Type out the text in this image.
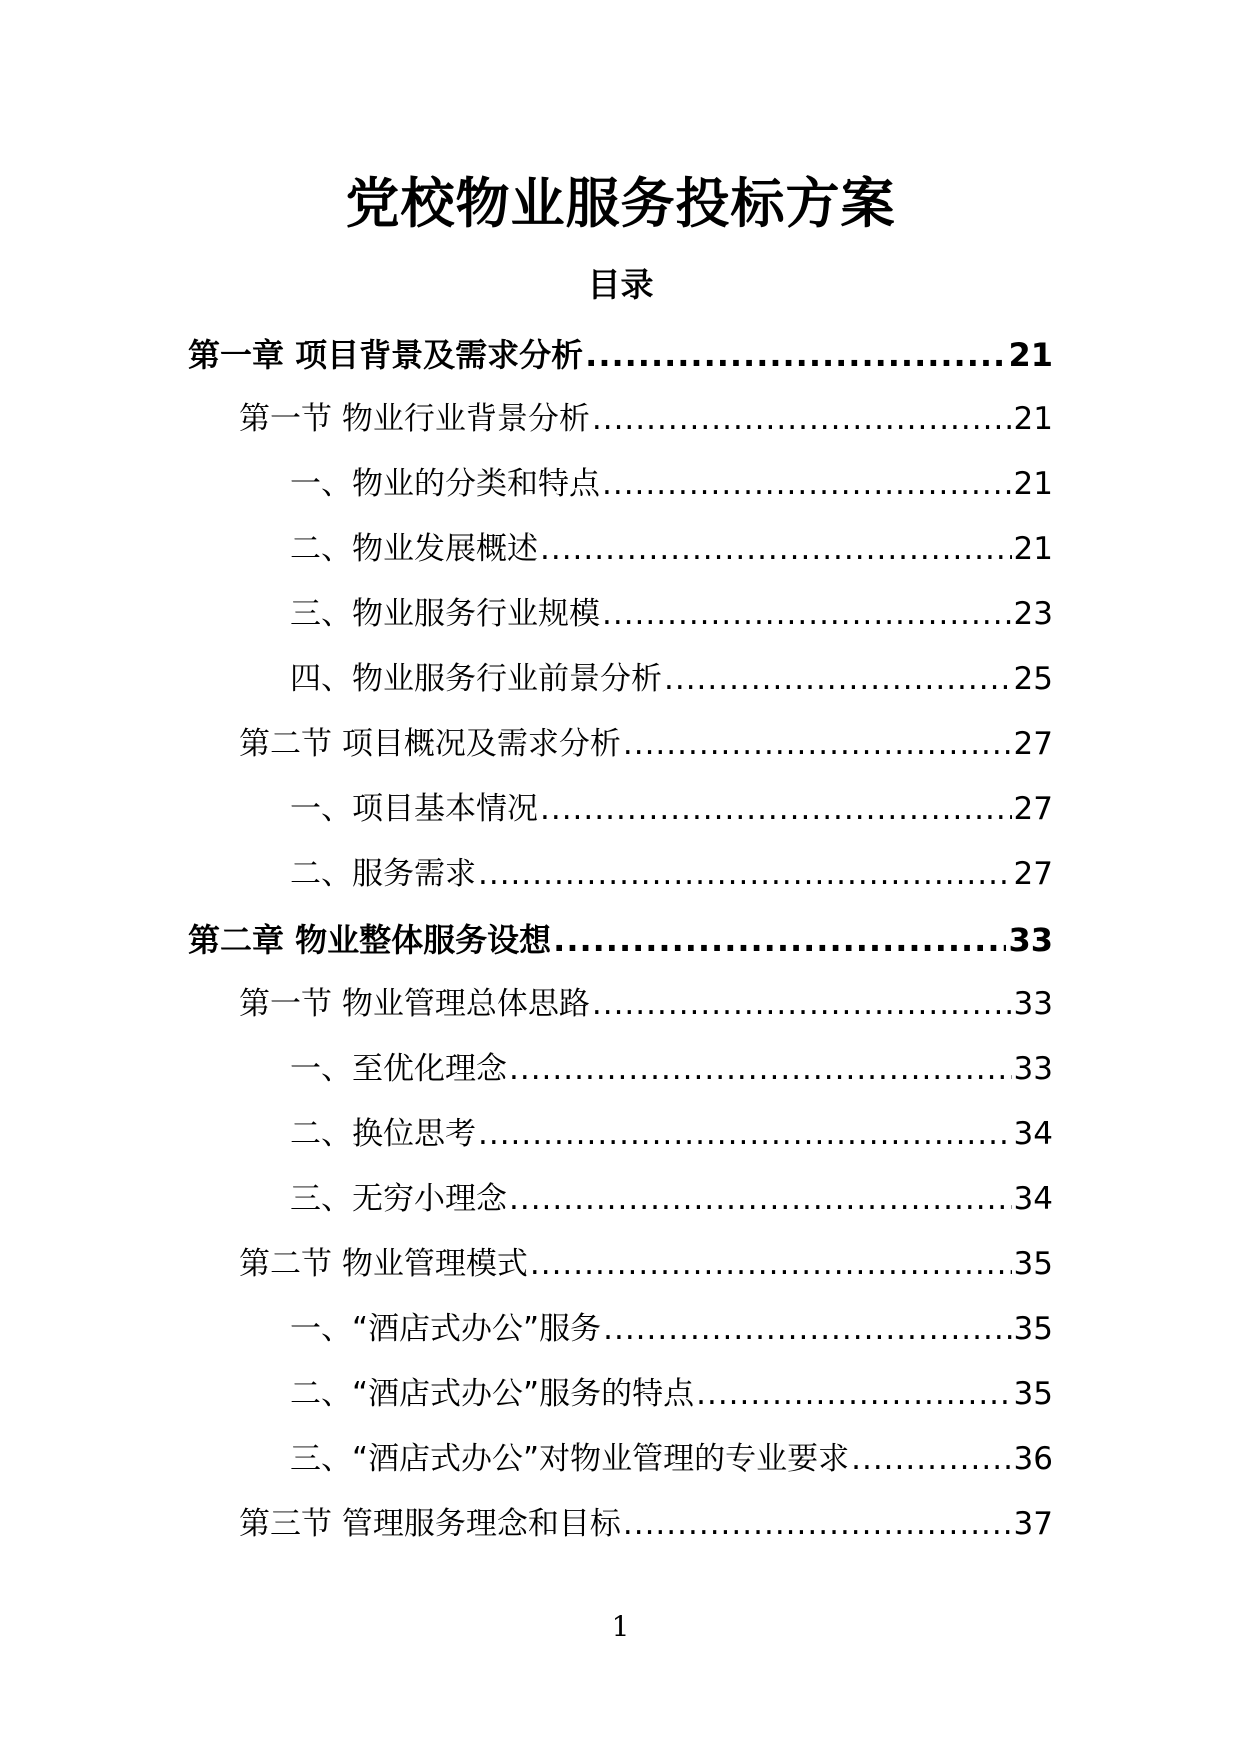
党校物业服务投标方案
目录
第一章 项目背景及需求分析 .....	21
第一节 物业行业背景分析 .....	21
一、物业的分类和特点 .....	21
二、物业发展概述 .....	21
三、物业服务行业规模 .....	23
四、物业服务行业前景分析 .....	25
第二节 项目概况及需求分析 .....	27
一、项目基本情况 .....	27
二、服务需求 .....	27
第二章 物业整体服务设想 .....	33
第一节 物业管理总体思路 .....	33
一、至优化理念 .....	33
二、换位思考 .....	34
三、无穷小理念 .....	34
第二节 物业管理模式 .....	35
一、“酒店式办公”服务 .....	35
二、“酒店式办公”服务的特点 .....	35
三、“酒店式办公”对物业管理的专业要求 .....	36
第三节 管理服务理念和目标 .....	37
1
